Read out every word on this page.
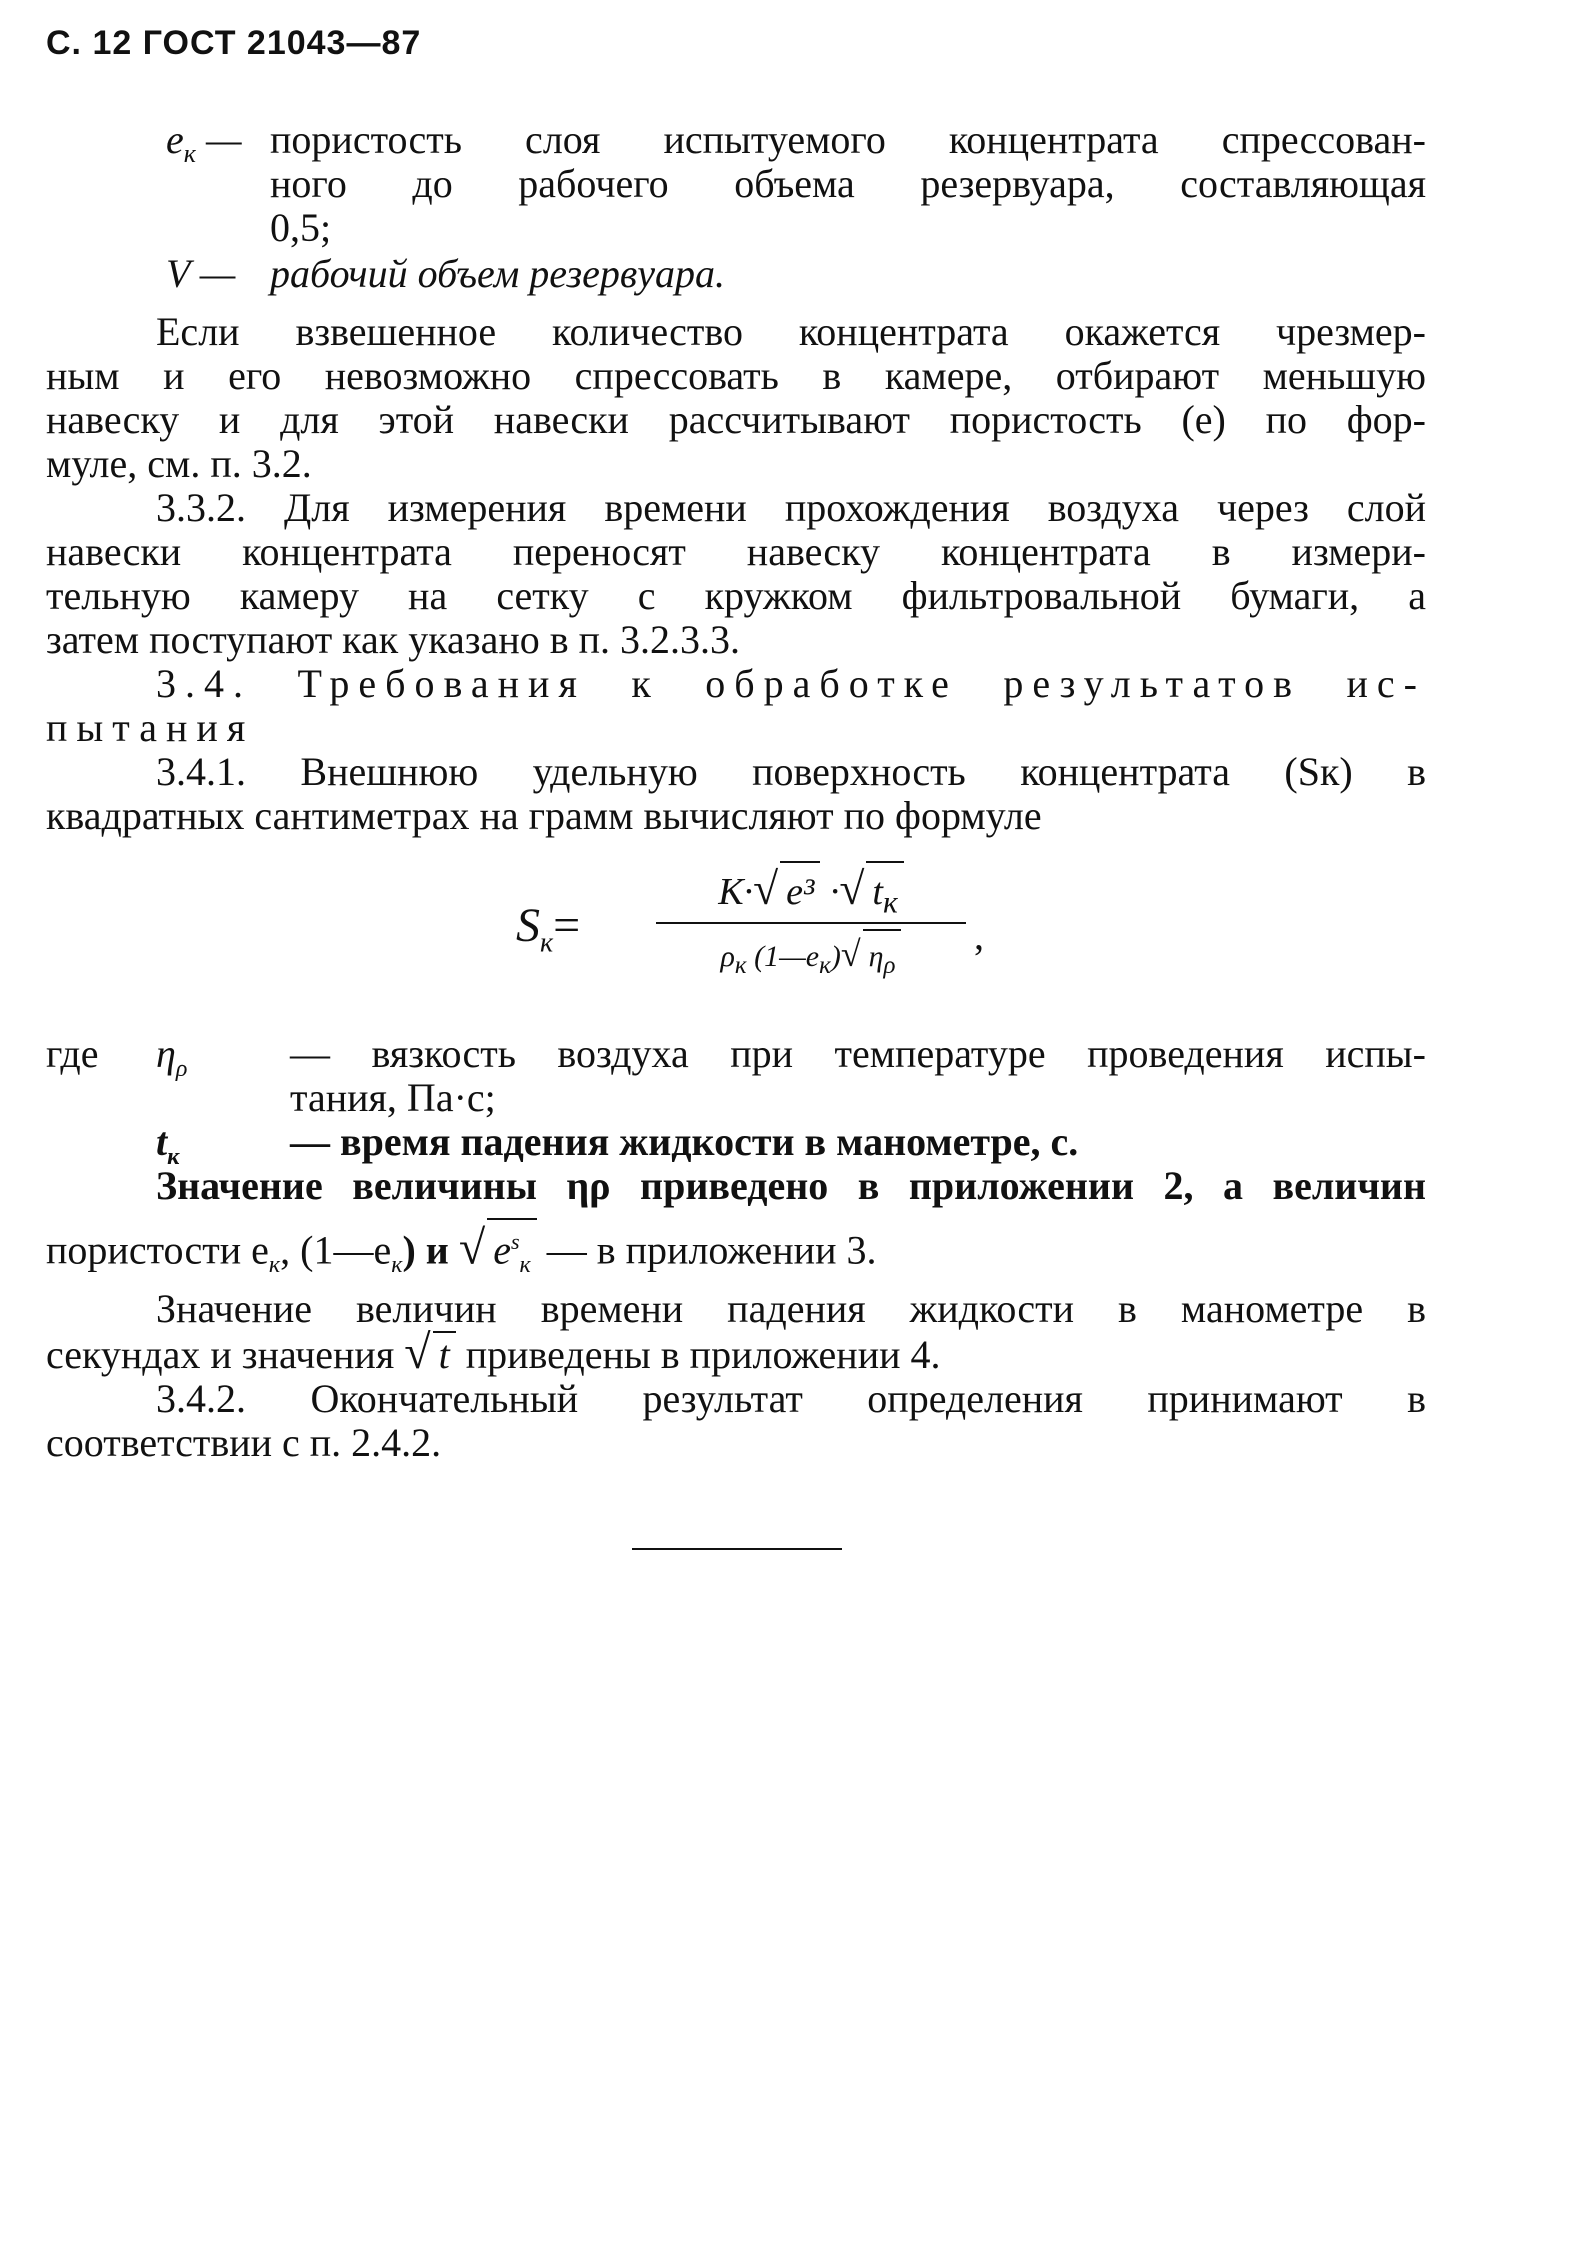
С. 12 ГОСТ 21043—87
$e_к$ — пористость слоя испытуемого концентрата спрессован-
ного до рабочего объема резервуара, составляющая
0,5;
V — рабочий объем резервуара.
Если взвешенное количество концентрата окажется чрезмер-
ным и его невозможно спрессовать в камере, отбирают меньшую
навеску и для этой навески рассчитывают пористость (e) по фор-
муле, см. п. 3.2.
3.3.2. Для измерения времени прохождения воздуха через слой
навески концентрата переносят навеску концентрата в измери-
тельную камеру на сетку с кружком фильтровальной бумаги, а
затем поступают как указано в п. 3.2.3.3.
3.4. Требования к обработке результатов ис-
пытания
3.4.1. Внешнюю удельную поверхность концентрата (Sк) в
квадратных сантиметрах на грамм вычисляют по формуле
$S_к=$
K·√ e³ ·√ $t_к$
$\rho_к$ $(1—e_к)√$ $\eta_\rho$
,
где $\eta_\rho$	— вязкость воздуха при температуре проведения испы-
тания, Па·с;
$t_к$	— время падения жидкости в манометре, с.
Значение величины ηρ приведено в приложении 2, а величин
пористости $e_к$, $(1—e_к)$ и √ $e^s_к$ — в приложении 3.
Значение величин времени падения жидкости в манометре в
секундах и значения √ t приведены в приложении 4.
3.4.2. Окончательный результат определения принимают в
соответствии с п. 2.4.2.
